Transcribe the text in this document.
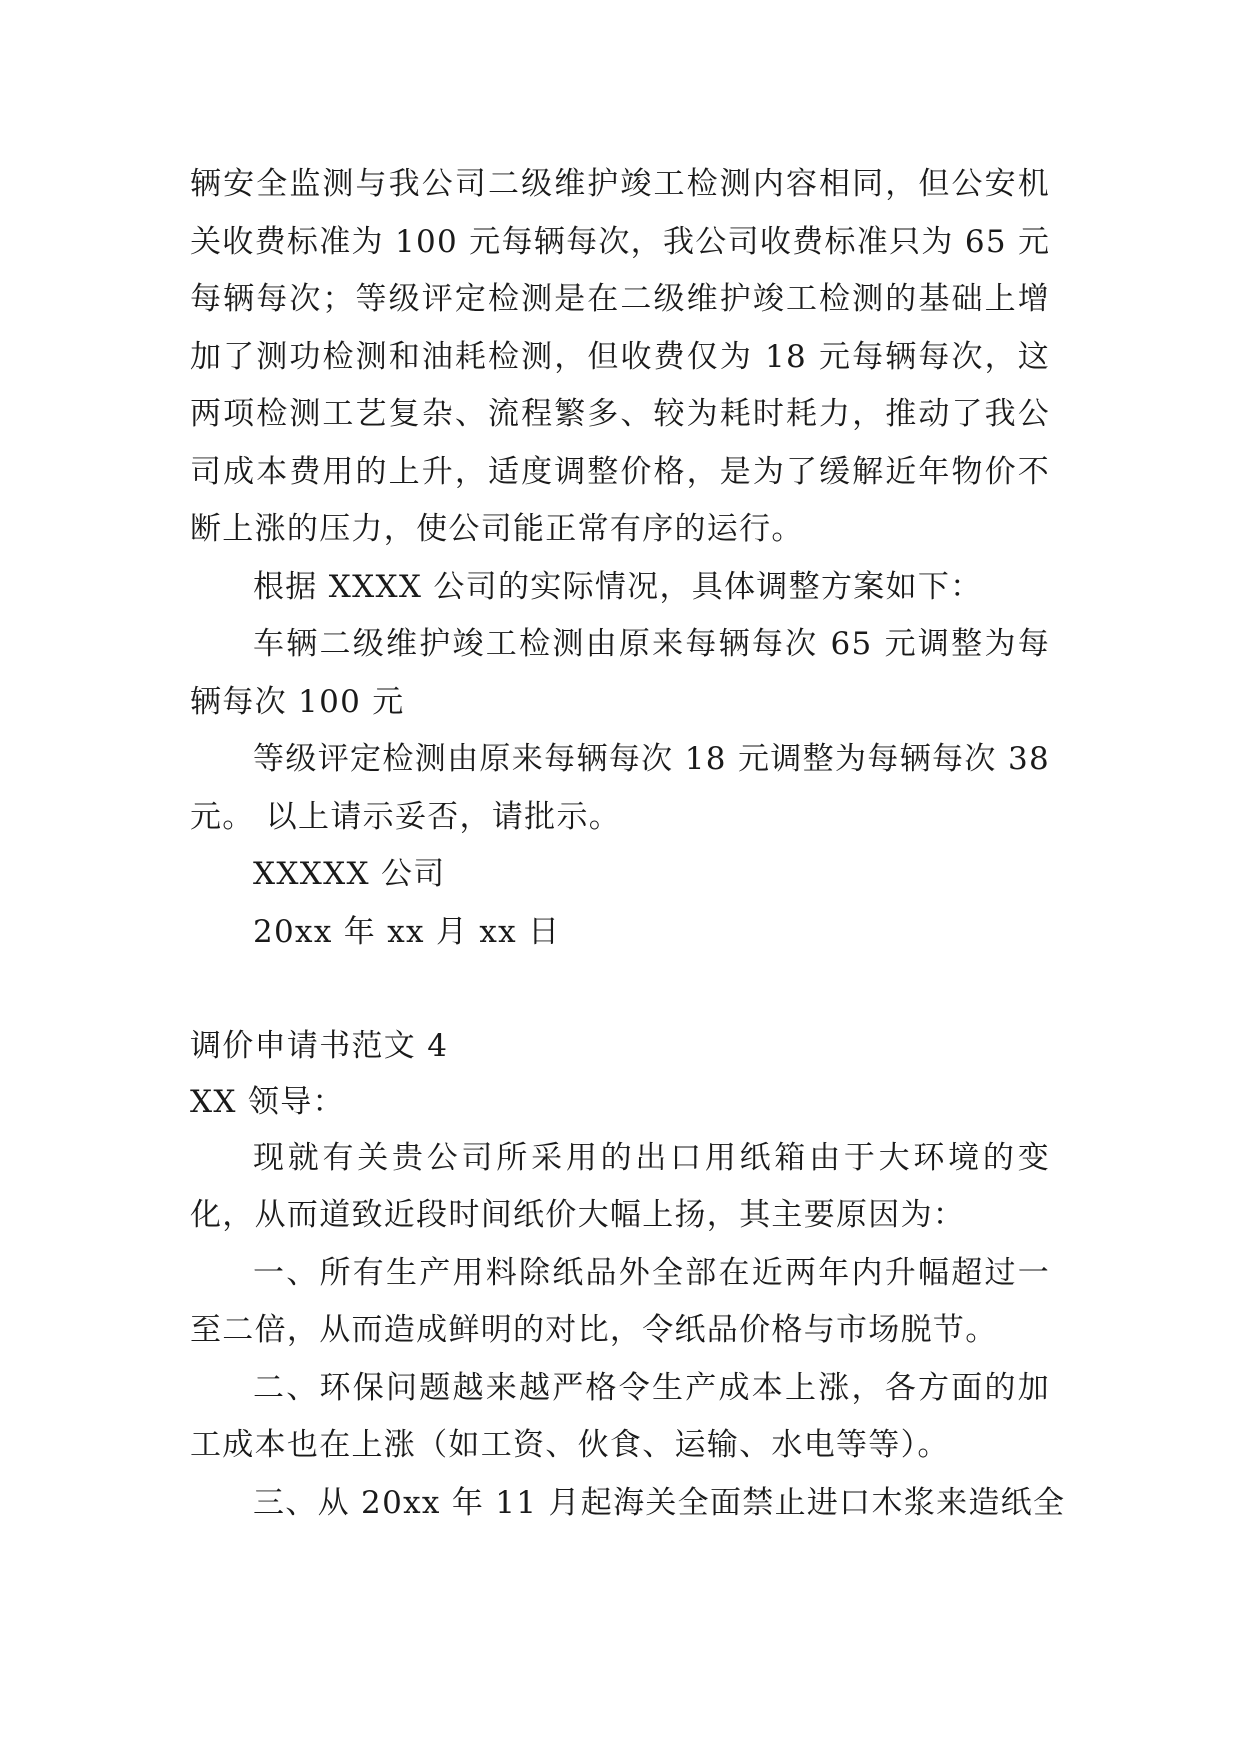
辆安全监测与我公司二级维护竣工检测内容相同，但公安机
关收费标准为 100 元每辆每次，我公司收费标准只为 65 元
每辆每次；等级评定检测是在二级维护竣工检测的基础上增
加了测功检测和油耗检测，但收费仅为 18 元每辆每次，这
两项检测工艺复杂、流程繁多、较为耗时耗力，推动了我公
司成本费用的上升，适度调整价格，是为了缓解近年物价不
断上涨的压力，使公司能正常有序的运行。
根据 XXXX 公司的实际情况，具体调整方案如下：
车辆二级维护竣工检测由原来每辆每次 65 元调整为每
辆每次 100 元
等级评定检测由原来每辆每次 18 元调整为每辆每次 38
元。 以上请示妥否，请批示。
XXXXX 公司
20xx 年 xx 月 xx 日
调价申请书范文 4
XX 领导：
现就有关贵公司所采用的出口用纸箱由于大环境的变
化，从而道致近段时间纸价大幅上扬，其主要原因为：
一、所有生产用料除纸品外全部在近两年内升幅超过一
至二倍，从而造成鲜明的对比，令纸品价格与市场脱节。
二、环保问题越来越严格令生产成本上涨，各方面的加
工成本也在上涨（如工资、伙食、运输、水电等等）。
三、从 20xx 年 11 月起海关全面禁止进口木浆来造纸全
